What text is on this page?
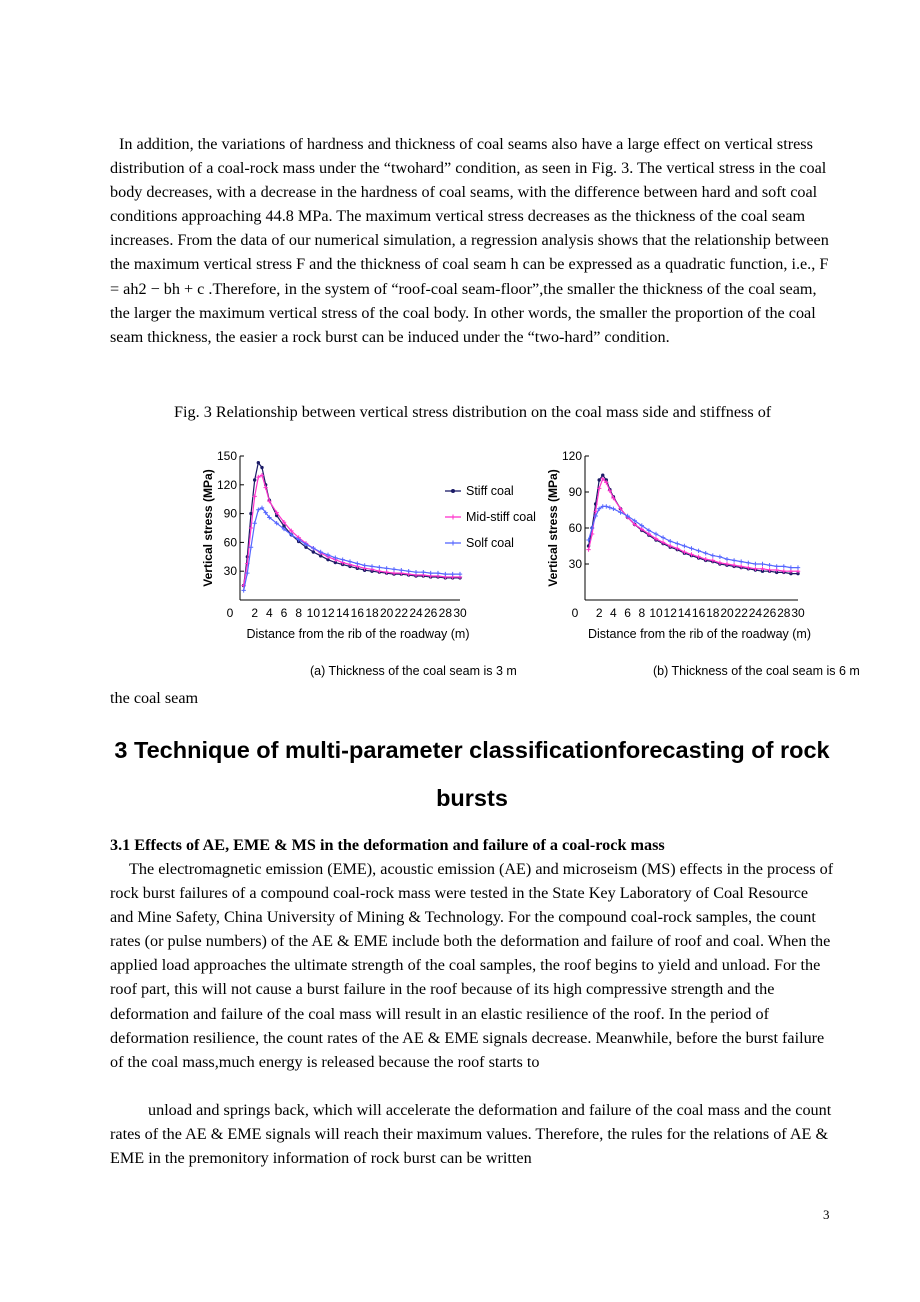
In addition, the variations of hardness and thickness of coal seams also have a large effect on vertical stress distribution of a coal-rock mass under the “twohard” condition, as seen in Fig. 3. The vertical stress in the coal body decreases, with a decrease in the hardness of coal seams, with the difference between hard and soft coal conditions approaching 44.8 MPa. The maximum vertical stress decreases as the thickness of the coal seam increases. From the data of our numerical simulation, a regression analysis shows that the relationship between the maximum vertical stress F and the thickness of coal seam h can be expressed as a quadratic function, i.e., F = ah2 − bh + c .Therefore, in the system of “roof-coal seam-floor”,the smaller the thickness of the coal seam, the larger the maximum vertical stress of the coal body. In other words, the smaller the proportion of the coal seam thickness, the easier a rock burst can be induced under the “two-hard” condition.

Fig. 3 Relationship between vertical stress distribution on the coal mass side and stiffness of

30
60
90
120
150
0 2 4 6 8 10 12 14 16 18 20 22 24 26 28 30
Vertical stress (MPa)
Distance from the rib of the roadway (m)
(a) Thickness of the coal seam is 3 m
Stiff coal
Mid-stiff coal
Solf coal
30
60
90
120
0 2 4 6 8 10 12 14 16 18 20 22 24 26 28 30
Vertical stress (MPa)
Distance from the rib of the roadway (m)
(b) Thickness of the coal seam is 6 m

the coal seam

3 Technique of multi-parameter classificationforecasting of rock bursts
3.1 Effects of AE, EME & MS in the deformation and failure of a coal-rock mass

The electromagnetic emission (EME), acoustic emission (AE) and microseism (MS) effects in the process of rock burst failures of a compound coal-rock mass were tested in the State Key Laboratory of Coal Resource and Mine Safety, China University of Mining & Technology. For the compound coal-rock samples, the count rates (or pulse numbers) of the AE & EME include both the deformation and failure of roof and coal. When the applied load approaches the ultimate strength of the coal samples, the roof begins to yield and unload. For the roof part, this will not cause a burst failure in the roof because of its high compressive strength and the deformation and failure of the coal mass will result in an elastic resilience of the roof. In the period of deformation resilience, the count rates of the AE & EME signals decrease. Meanwhile, before the burst failure of the coal mass,much energy is released because the roof starts to

unload and springs back, which will accelerate the deformation and failure of the coal mass and the count rates of the AE & EME signals will reach their maximum values. Therefore, the rules for the relations of AE & EME in the premonitory information of rock burst can be written

3
